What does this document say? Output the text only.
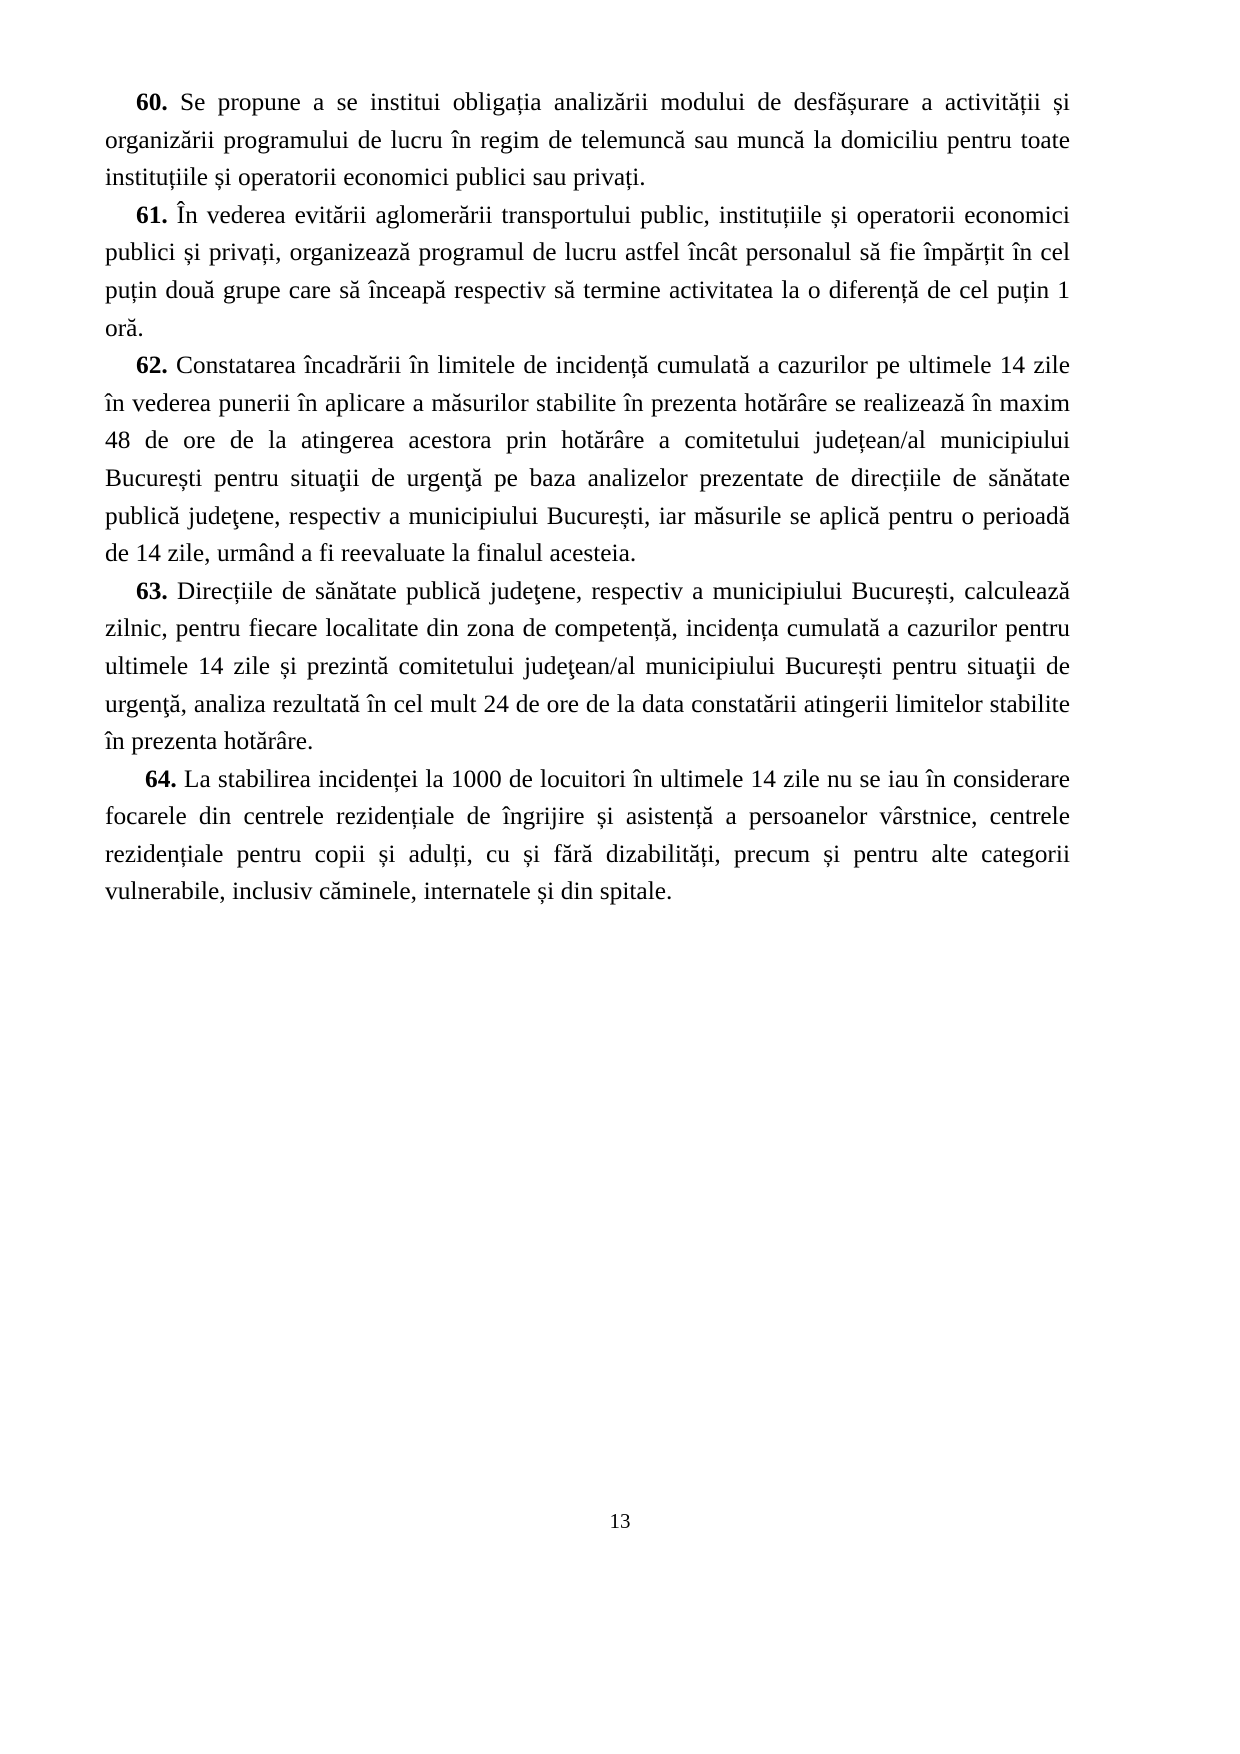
60. Se propune a se institui obligația analizării modului de desfășurare a activității și organizării programului de lucru în regim de telemuncă sau muncă la domiciliu pentru toate instituțiile și operatorii economici publici sau privați.

61. În vederea evitării aglomerării transportului public, instituțiile și operatorii economici publici și privați, organizează programul de lucru astfel încât personalul să fie împărțit în cel puțin două grupe care să înceapă respectiv să termine activitatea la o diferență de cel puțin 1 oră.

62. Constatarea încadrării în limitele de incidență cumulată a cazurilor pe ultimele 14 zile în vederea punerii în aplicare a măsurilor stabilite în prezenta hotărâre se realizează în maxim 48 de ore de la atingerea acestora prin hotărâre a comitetului județean/al municipiului București pentru situaţii de urgenţă pe baza analizelor prezentate de direcțiile de sănătate publică judeţene, respectiv a municipiului București, iar măsurile se aplică pentru o perioadă de 14 zile, urmând a fi reevaluate la finalul acesteia.

63. Direcțiile de sănătate publică judeţene, respectiv a municipiului București, calculează zilnic, pentru fiecare localitate din zona de competență, incidența cumulată a cazurilor pentru ultimele 14 zile și prezintă comitetului judeţean/al municipiului București pentru situaţii de urgenţă, analiza rezultată în cel mult 24 de ore de la data constatării atingerii limitelor stabilite în prezenta hotărâre.

64. La stabilirea incidenței la 1000 de locuitori în ultimele 14 zile nu se iau în considerare focarele din centrele rezidențiale de îngrijire și asistență a persoanelor vârstnice, centrele rezidențiale pentru copii și adulți, cu și fără dizabilități, precum și pentru alte categorii vulnerabile, inclusiv căminele, internatele și din spitale.

13
